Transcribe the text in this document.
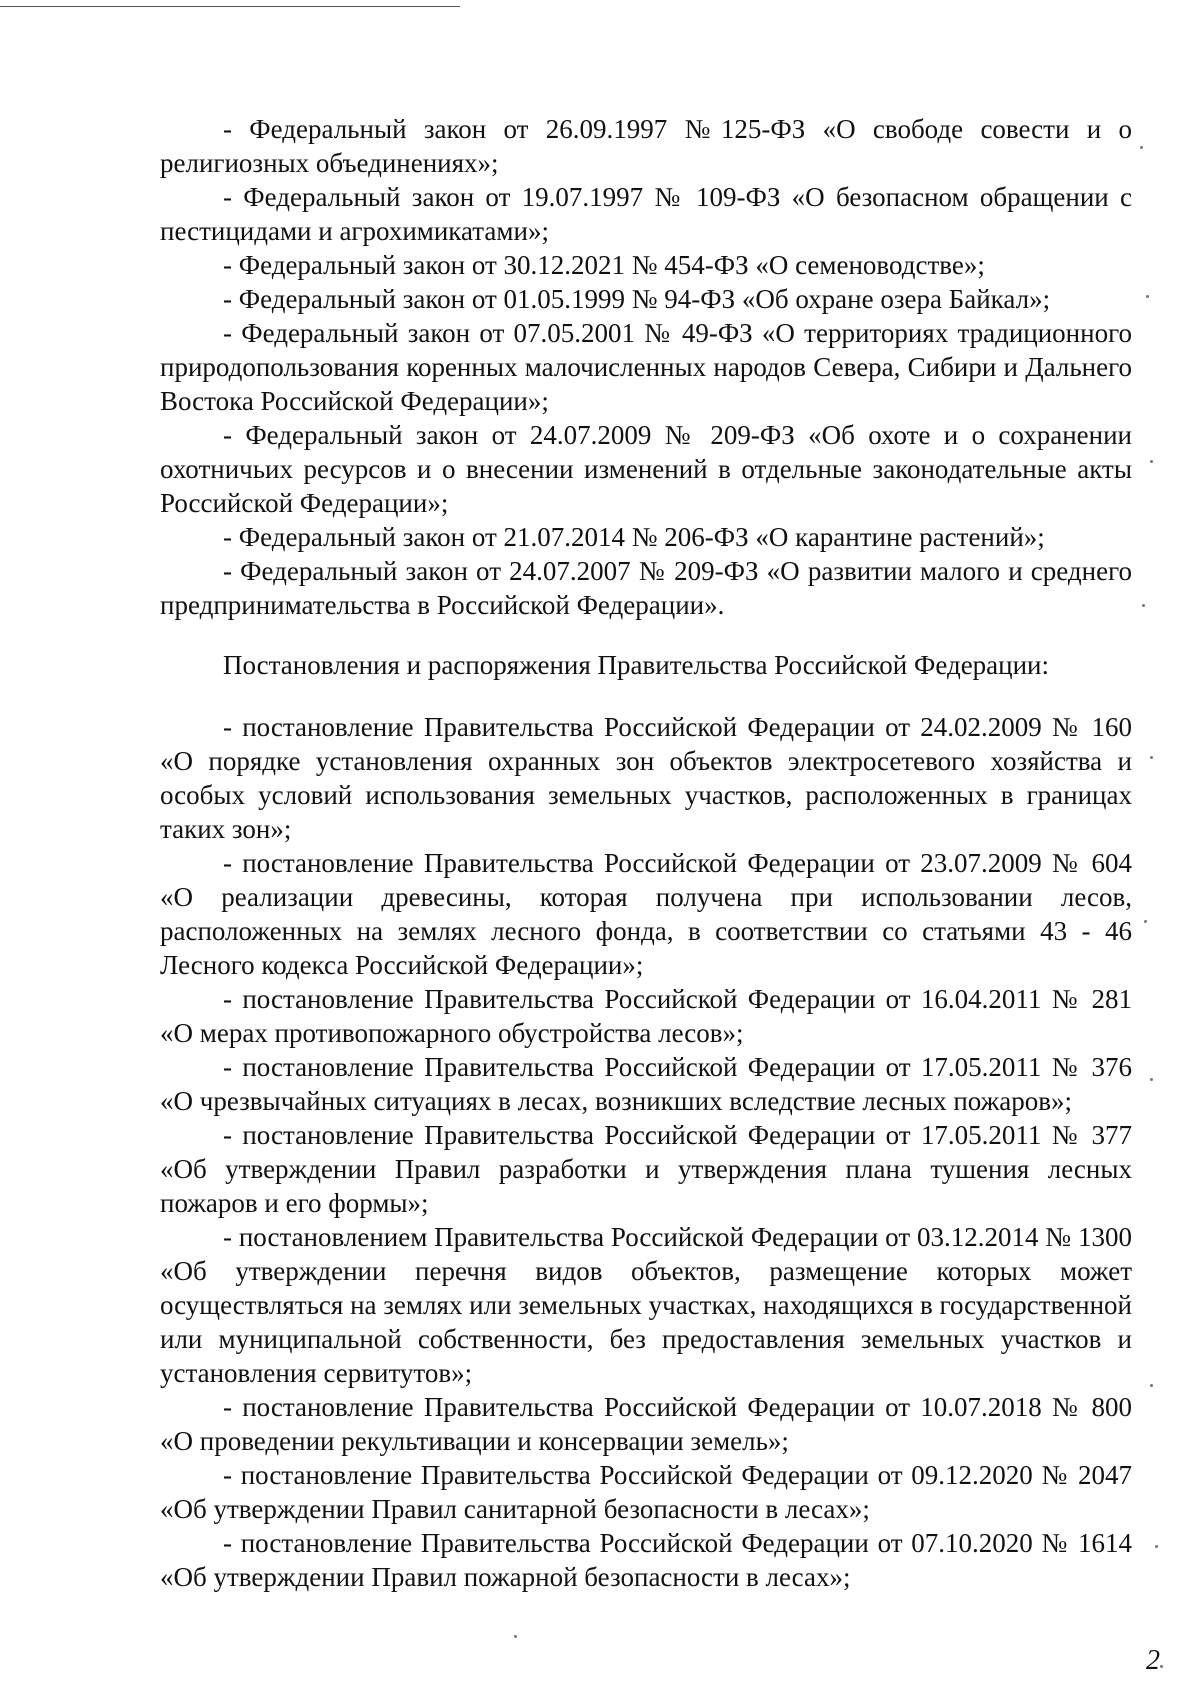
- Федеральный закон от 26.09.1997 №125-ФЗ «О свободе совести и о религиозных объединениях»;

- Федеральный закон от 19.07.1997 № 109-ФЗ «О безопасном обращении с пестицидами и агрохимикатами»;

- Федеральный закон от 30.12.2021 № 454-ФЗ «О семеноводстве»;

- Федеральный закон от 01.05.1999 № 94-ФЗ «Об охране озера Байкал»;

- Федеральный закон от 07.05.2001 № 49-ФЗ «О территориях традиционного природопользования коренных малочисленных народов Севера, Сибири и Дальнего Востока Российской Федерации»;

- Федеральный закон от 24.07.2009 № 209-ФЗ «Об охоте и о сохранении охотничьих ресурсов и о внесении изменений в отдельные законодательные акты Российской Федерации»;

- Федеральный закон от 21.07.2014 № 206-ФЗ «О карантине растений»;

- Федеральный закон от 24.07.2007 № 209-ФЗ «О развитии малого и среднего предпринимательства в Российской Федерации».

Постановления и распоряжения Правительства Российской Федерации:

- постановление Правительства Российской Федерации от 24.02.2009 № 160 «О порядке установления охранных зон объектов электросетевого хозяйства и особых условий использования земельных участков, расположенных в границах таких зон»;

- постановление Правительства Российской Федерации от 23.07.2009 № 604 «О реализации древесины, которая получена при использовании лесов, расположенных на землях лесного фонда, в соответствии со статьями 43 - 46 Лесного кодекса Российской Федерации»;

- постановление Правительства Российской Федерации от 16.04.2011 № 281 «О мерах противопожарного обустройства лесов»;

- постановление Правительства Российской Федерации от 17.05.2011 № 376 «О чрезвычайных ситуациях в лесах, возникших вследствие лесных пожаров»;

- постановление Правительства Российской Федерации от 17.05.2011 № 377 «Об утверждении Правил разработки и утверждения плана тушения лесных пожаров и его формы»;

- постановлением Правительства Российской Федерации от 03.12.2014 № 1300 «Об утверждении перечня видов объектов, размещение которых может осуществляться на землях или земельных участках, находящихся в государственной или муниципальной собственности, без предоставления земельных участков и установления сервитутов»;

- постановление Правительства Российской Федерации от 10.07.2018 № 800 «О проведении рекультивации и консервации земель»;

- постановление Правительства Российской Федерации от 09.12.2020 № 2047 «Об утверждении Правил санитарной безопасности в лесах»;

- постановление Правительства Российской Федерации от 07.10.2020 № 1614 «Об утверждении Правил пожарной безопасности в лесах»;

2
